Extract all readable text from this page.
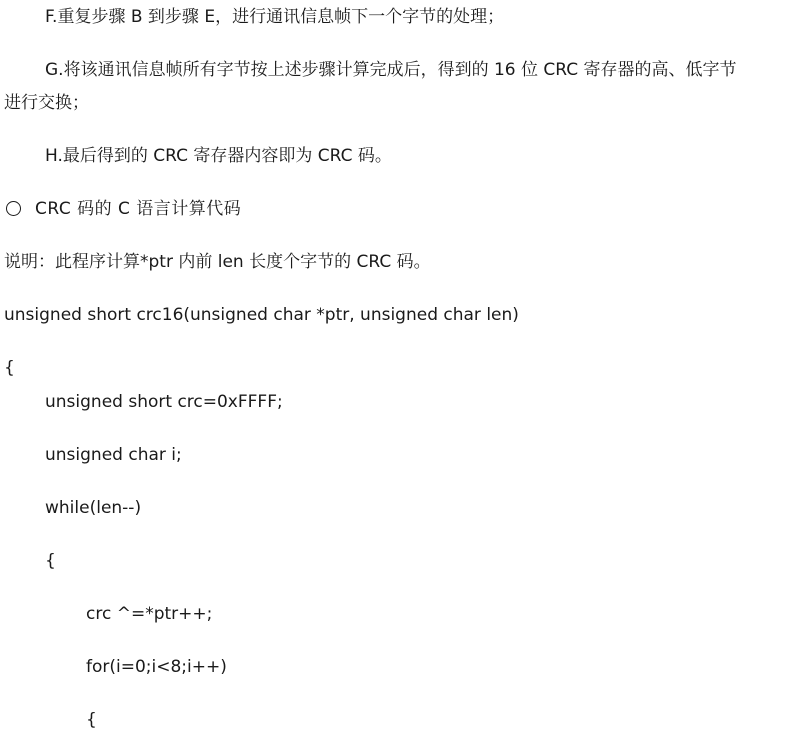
F.重复步骤 B 到步骤 E，进行通讯信息帧下一个字节的处理；
G.将该通讯信息帧所有字节按上述步骤计算完成后，得到的 16 位 CRC 寄存器的高、低字节
进行交换；
H.最后得到的 CRC 寄存器内容即为 CRC 码。
CRC 码的 C 语言计算代码
说明：此程序计算*ptr 内前 len 长度个字节的 CRC 码。
unsigned short crc16(unsigned char *ptr, unsigned char len)
{
unsigned short crc=0xFFFF;
unsigned char i;
while(len--)
{
crc ^=*ptr++;
for(i=0;i<8;i++)
{
